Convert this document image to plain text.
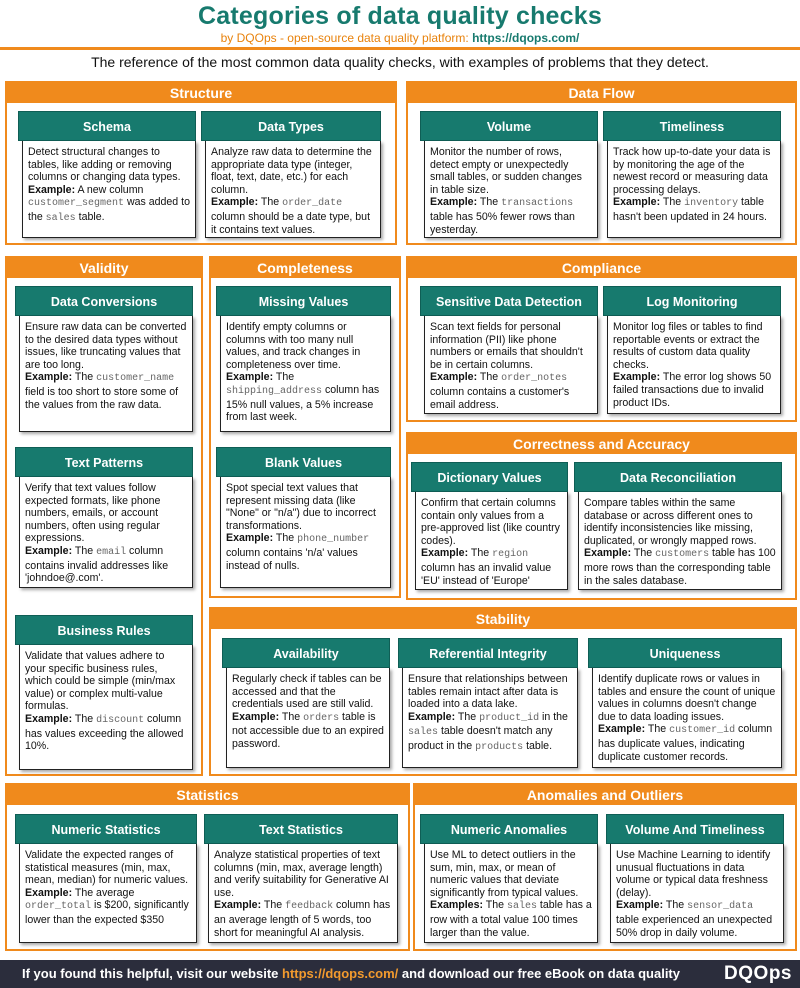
Categories of data quality checks
by DQOps - open-source data quality platform: https://dqops.com/
The reference of the most common data quality checks, with examples of problems that they detect.
Structure	Data Flow
Validity	Completeness	Compliance
Correctness and Accuracy
Stability
Statistics	Anomalies and Outliers
Schema
Detect structural changes to tables, like adding or removing columns or changing data types.
Example: A new column customer_segment was added to the sales table.
Data Types
Analyze raw data to determine the appropriate data type (integer, float, text, date, etc.) for each column.
Example: The order_date column should be a date type, but it contains text values.
Volume
Monitor the number of rows, detect empty or unexpectedly small tables, or sudden changes in table size.
Example: The transactions table has 50% fewer rows than yesterday.
Timeliness
Track how up-to-date your data is by monitoring the age of the newest record or measuring data processing delays.
Example: The inventory table hasn't been updated in 24 hours.
Data Conversions
Ensure raw data can be converted to the desired data types without issues, like truncating values that are too long.
Example: The customer_name field is too short to store some of the values from the raw data.
Missing Values
Identify empty columns or columns with too many null values, and track changes in completeness over time.
Example: The shipping_address column has 15% null values, a 5% increase from last week.
Sensitive Data Detection
Scan text fields for personal information (PII) like phone numbers or emails that shouldn't be in certain columns.
Example: The order_notes column contains a customer's email address.
Log Monitoring
Monitor log files or tables to find reportable events or extract the results of custom data quality checks.
Example: The error log shows 50 failed transactions due to invalid product IDs.
Text Patterns
Verify that text values follow expected formats, like phone numbers, emails, or account numbers, often using regular expressions.
Example: The email column contains invalid addresses like 'johndoe@.com'.
Blank Values
Spot special text values that represent missing data (like "None" or "n/a") due to incorrect transformations.
Example: The phone_number column contains 'n/a' values instead of nulls.
Dictionary Values
Confirm that certain columns contain only values from a pre-approved list (like country codes).
Example: The region column has an invalid value 'EU' instead of 'Europe'
Data Reconciliation
Compare tables within the same database or across different ones to identify inconsistencies like missing, duplicated, or wrongly mapped rows.
Example: The customers table has 100 more rows than the corresponding table in the sales database.
Business Rules
Validate that values adhere to your specific business rules, which could be simple (min/max value) or complex multi-value formulas.
Example: The discount column has values exceeding the allowed 10%.
Availability
Regularly check if tables can be accessed and that the credentials used are still valid.
Example: The orders table is not accessible due to an expired password.
Referential Integrity
Ensure that relationships between tables remain intact after data is loaded into a data lake.
Example: The product_id in the sales table doesn't match any product in the products table.
Uniqueness
Identify duplicate rows or values in tables and ensure the count of unique values in columns doesn't change due to data loading issues.
Example: The customer_id column has duplicate values, indicating duplicate customer records.
Numeric Statistics
Validate the expected ranges of statistical measures (min, max, mean, median) for numeric values.
Example: The average order_total is $200, significantly lower than the expected $350
Text Statistics
Analyze statistical properties of text columns (min, max, average length) and verify suitability for Generative AI use.
Example: The feedback column has an average length of 5 words, too short for meaningful AI analysis.
Numeric Anomalies
Use ML to detect outliers in the sum, min, max, or mean of numeric values that deviate significantly from typical values.
Examples: The sales table has a row with a total value 100 times larger than the value.
Volume And Timeliness
Use Machine Learning to identify unusual fluctuations in data volume or typical data freshness (delay).
Example: The sensor_data table experienced an unexpected 50% drop in daily volume.
If you found this helpful, visit our website https://dqops.com/ and download our free eBook on data quality DQOps
